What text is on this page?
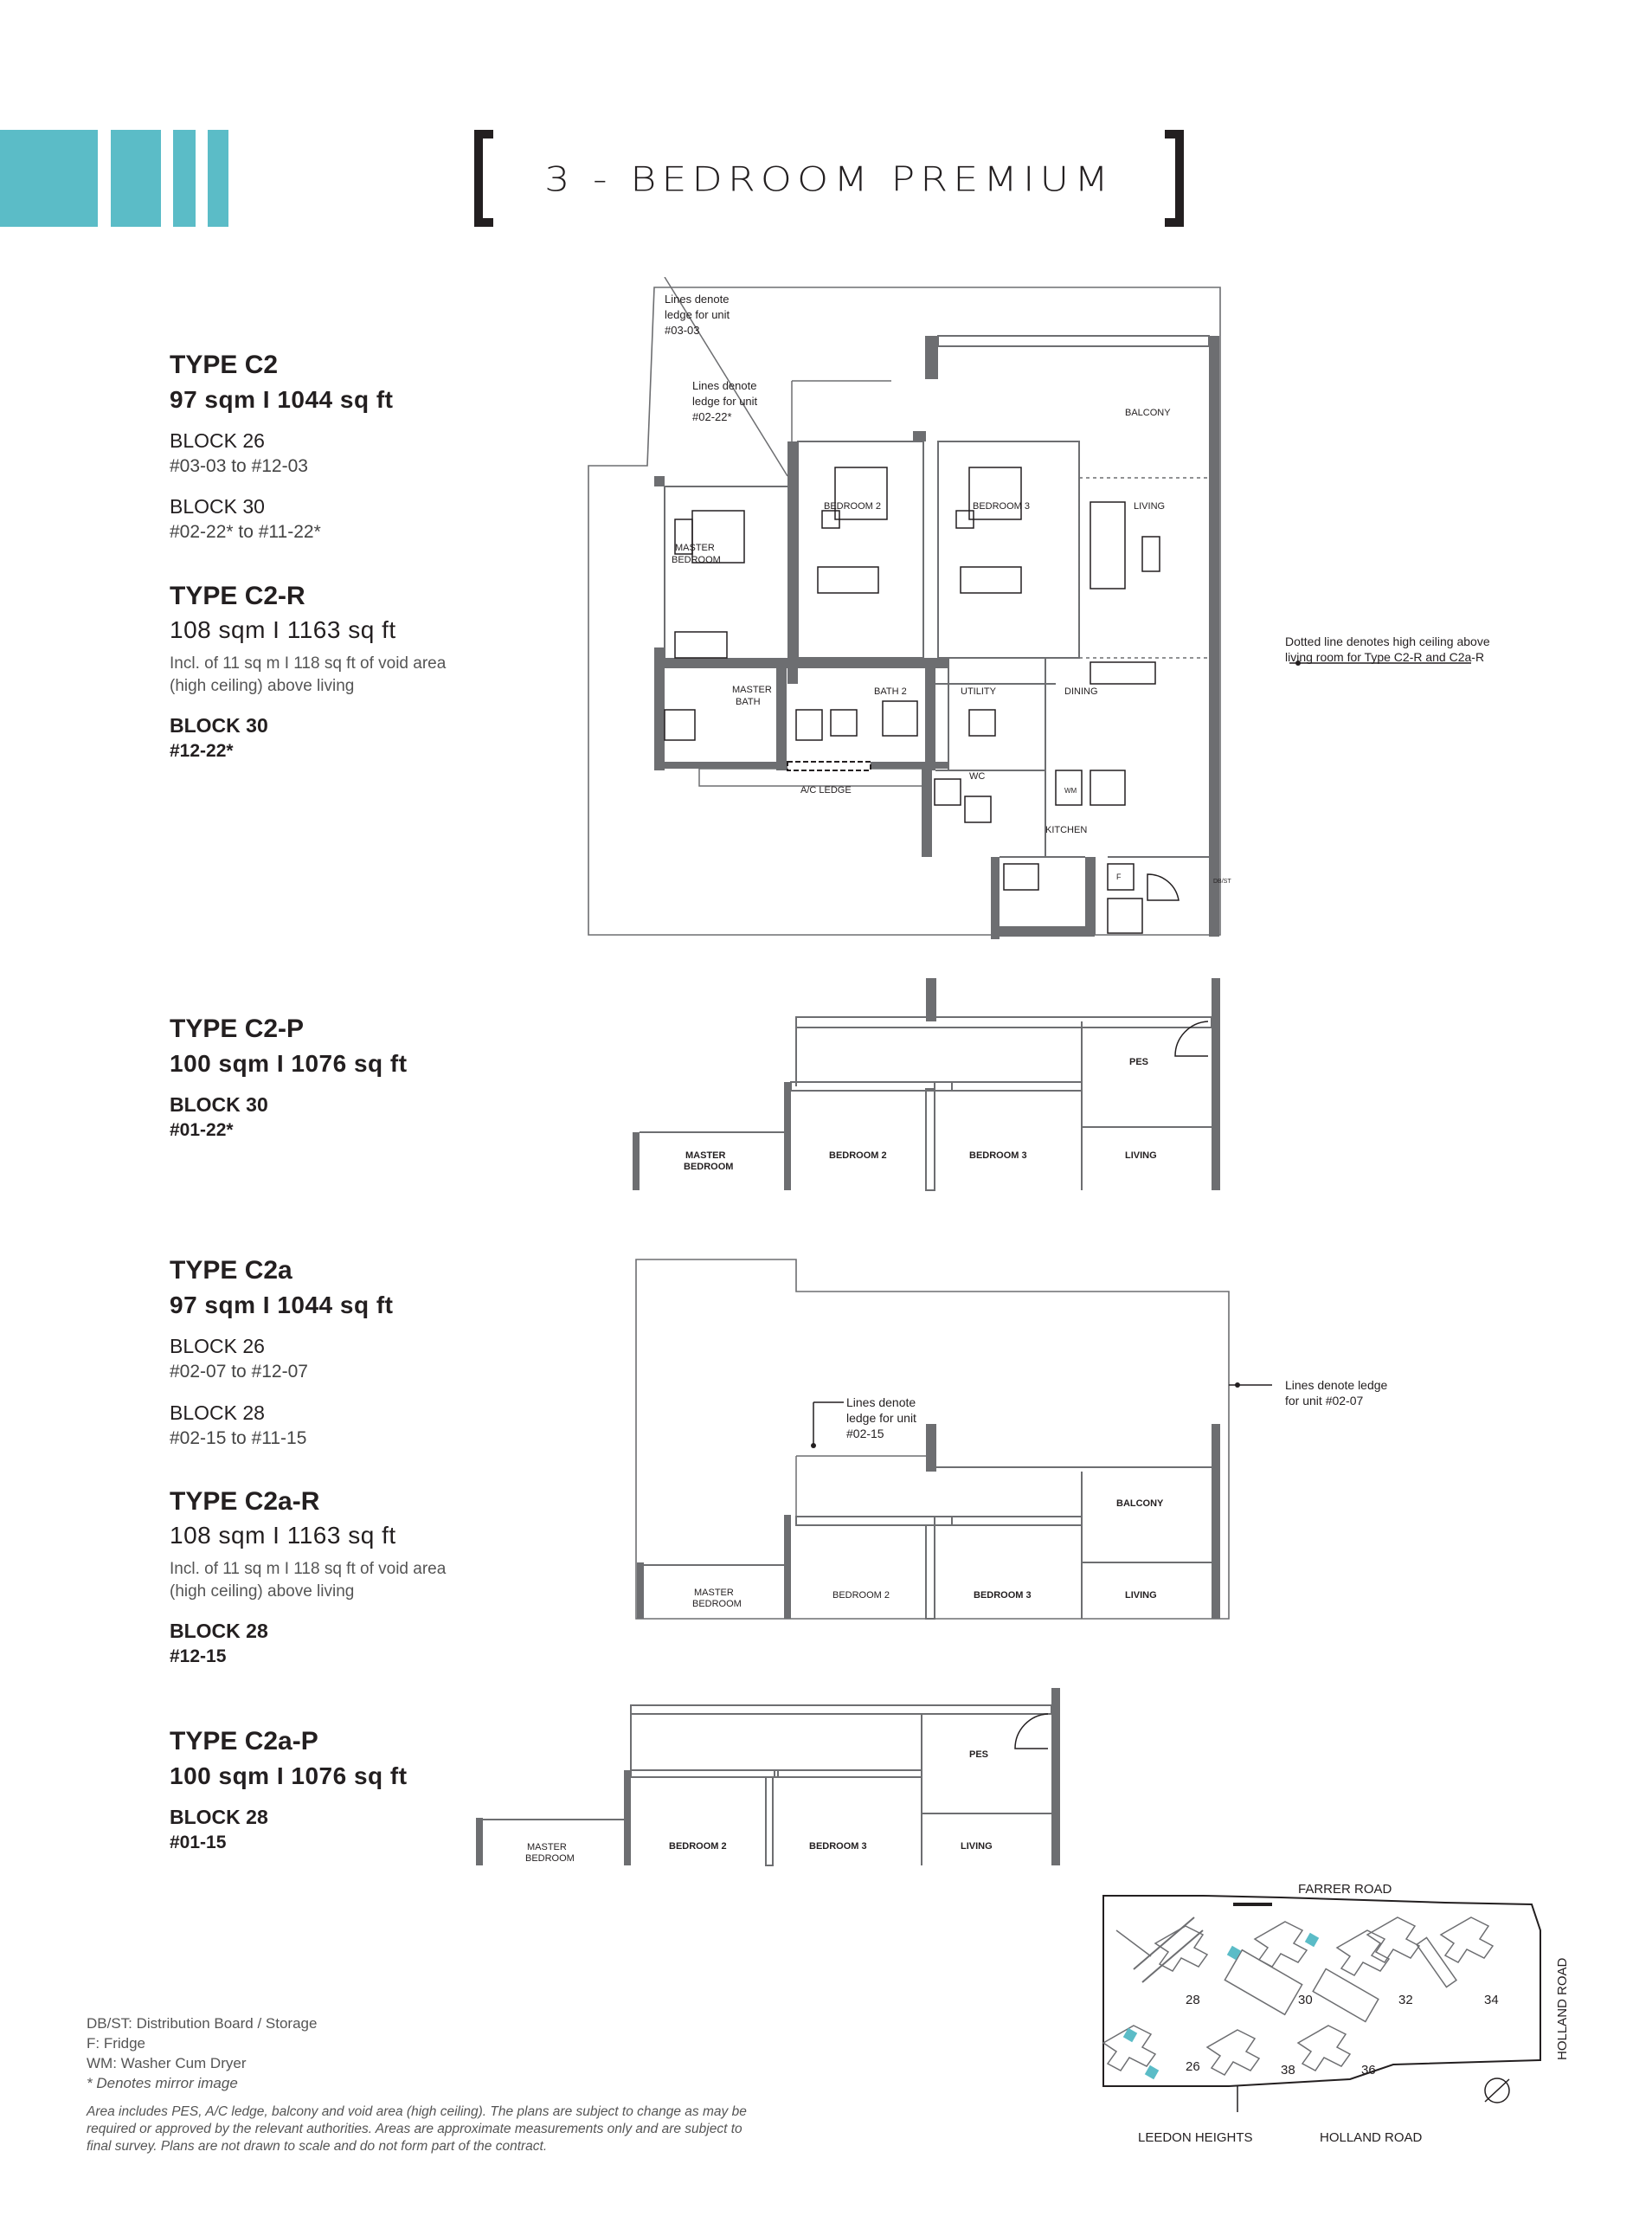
3 - BEDROOM PREMIUM
TYPE C2
97 sqm I 1044 sq ft
BLOCK 26
#03-03 to #12-03
BLOCK 30
#02-22* to #11-22*
TYPE C2-R
108 sqm I 1163 sq ft
Incl. of 11 sq m I 118 sq ft of void area
(high ceiling) above living
BLOCK 30
#12-22*
TYPE C2-P
100 sqm I 1076 sq ft
BLOCK 30
#01-22*
TYPE C2a
97 sqm I 1044 sq ft
BLOCK 26
#02-07 to #12-07
BLOCK 28
#02-15 to #11-15
TYPE C2a-R
108 sqm I 1163 sq ft
Incl. of 11 sq m I 118 sq ft of void area
(high ceiling) above living
BLOCK 28
#12-15
TYPE C2a-P
100 sqm I 1076 sq ft
BLOCK 28
#01-15
DB/ST: Distribution Board / Storage
F: Fridge
WM: Washer Cum Dryer
* Denotes mirror image
Area includes PES, A/C ledge, balcony and void area (high ceiling). The plans are subject to change as may be
required or approved by the relevant authorities. Areas are approximate measurements only and are subject to
final survey. Plans are not drawn to scale and do not form part of the contract.
Lines denote
ledge for unit
#03-03
Lines denote
ledge for unit
#02-22*	BALCONY
BEDROOM 2	BEDROOM 3	LIVING
MASTER
BEDROOM
MASTER
BATH
BATH 2	UTILITY	DINING
WC
A/C LEDGE
KITCHEN
WM
F
DB/ST
Dotted line denotes high ceiling above
living room for Type C2-R and C2a-R
PES
MASTER
BEDROOM
BEDROOM 2	BEDROOM 3	LIVING
Lines denote
ledge for unit
#02-15
Lines denote ledge
for unit #02-07
BALCONY
MASTER
BEDROOM
BEDROOM 2	BEDROOM 3	LIVING
PES
MASTER
BEDROOM
BEDROOM 2	BEDROOM 3	LIVING
FARRER ROAD
HOLLAND ROAD
LEEDON HEIGHTS
HOLLAND ROAD
28	30	32	34
26	38	36
